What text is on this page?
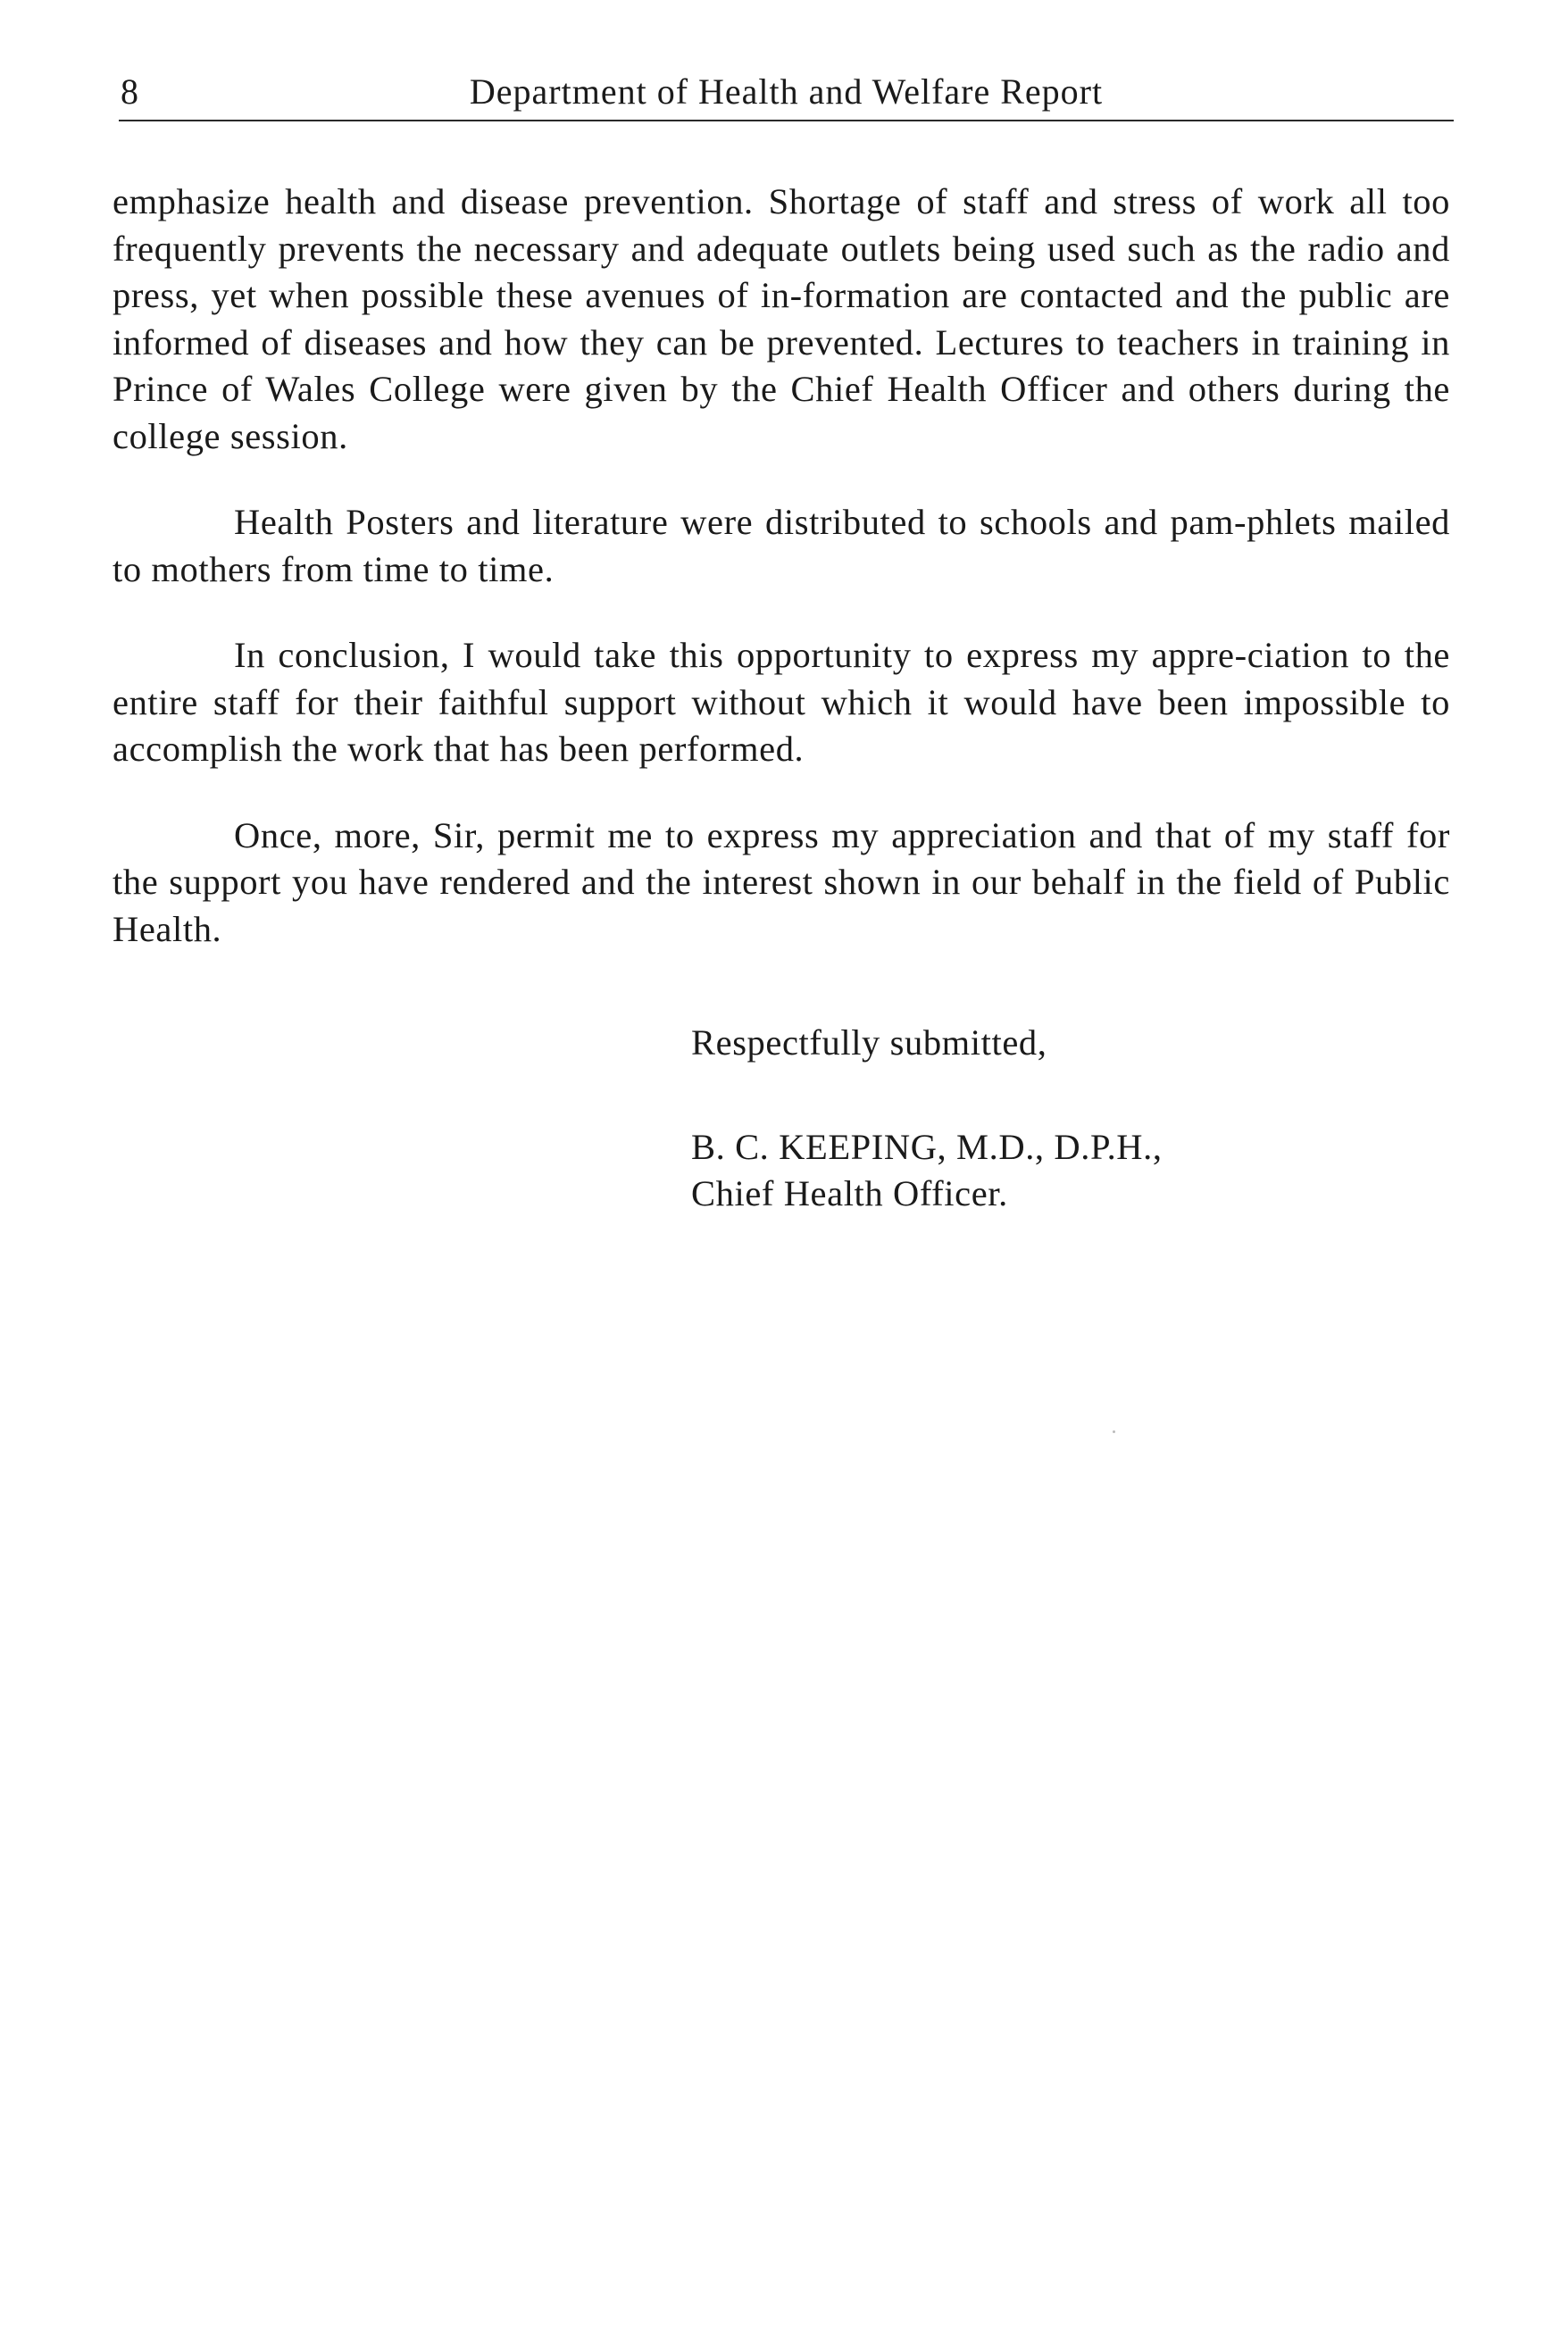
8	Department of Health and Welfare Report

emphasize health and disease prevention. Shortage of staff and stress of work all too frequently prevents the necessary and adequate outlets being used such as the radio and press, yet when possible these avenues of in-formation are contacted and the public are informed of diseases and how they can be prevented. Lectures to teachers in training in Prince of Wales College were given by the Chief Health Officer and others during the college session.

Health Posters and literature were distributed to schools and pam-phlets mailed to mothers from time to time.

In conclusion, I would take this opportunity to express my appre-ciation to the entire staff for their faithful support without which it would have been impossible to accomplish the work that has been performed.

Once, more, Sir, permit me to express my appreciation and that of my staff for the support you have rendered and the interest shown in our behalf in the field of Public Health.

Respectfully submitted,
B. C. KEEPING, M.D., D.P.H.,
Chief Health Officer.
